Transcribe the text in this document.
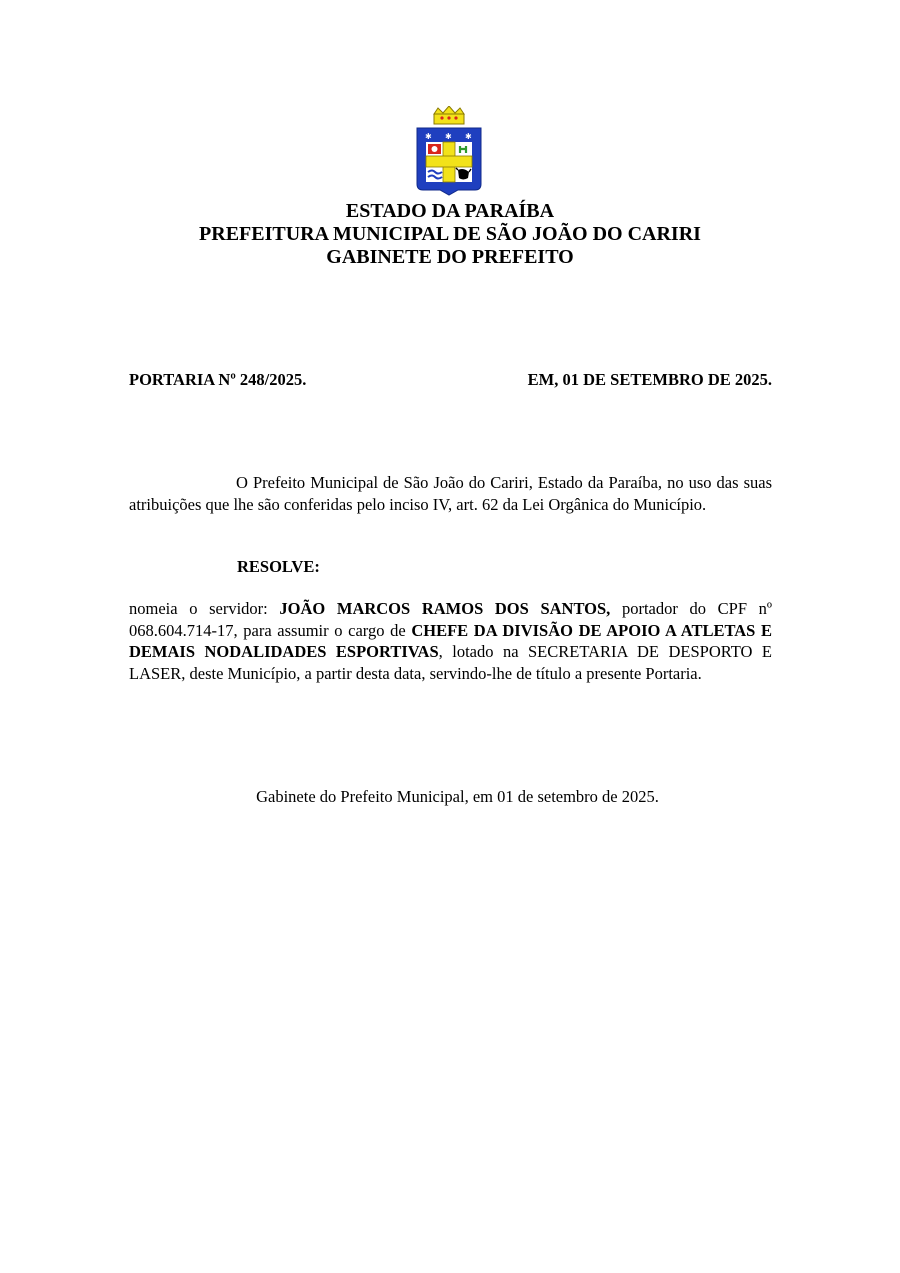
✱ ✱ ✱
ESTADO DA PARAÍBA
PREFEITURA MUNICIPAL DE SÃO JOÃO DO CARIRI
GABINETE DO PREFEITO
PORTARIA Nº 248/2025.	EM, 01 DE SETEMBRO DE 2025.
O Prefeito Municipal de São João do Cariri, Estado da Paraíba, no uso das suas atribuições que lhe são conferidas pelo inciso IV, art. 62 da Lei Orgânica do Município.
RESOLVE:
nomeia o servidor: JOÃO MARCOS RAMOS DOS SANTOS, portador do CPF nº 068.604.714-17, para assumir o cargo de CHEFE DA DIVISÃO DE APOIO A ATLETAS E DEMAIS NODALIDADES ESPORTIVAS, lotado na SECRETARIA DE DESPORTO E LASER, deste Município, a partir desta data, servindo-lhe de título a presente Portaria.
Gabinete do Prefeito Municipal, em 01 de setembro de 2025.
